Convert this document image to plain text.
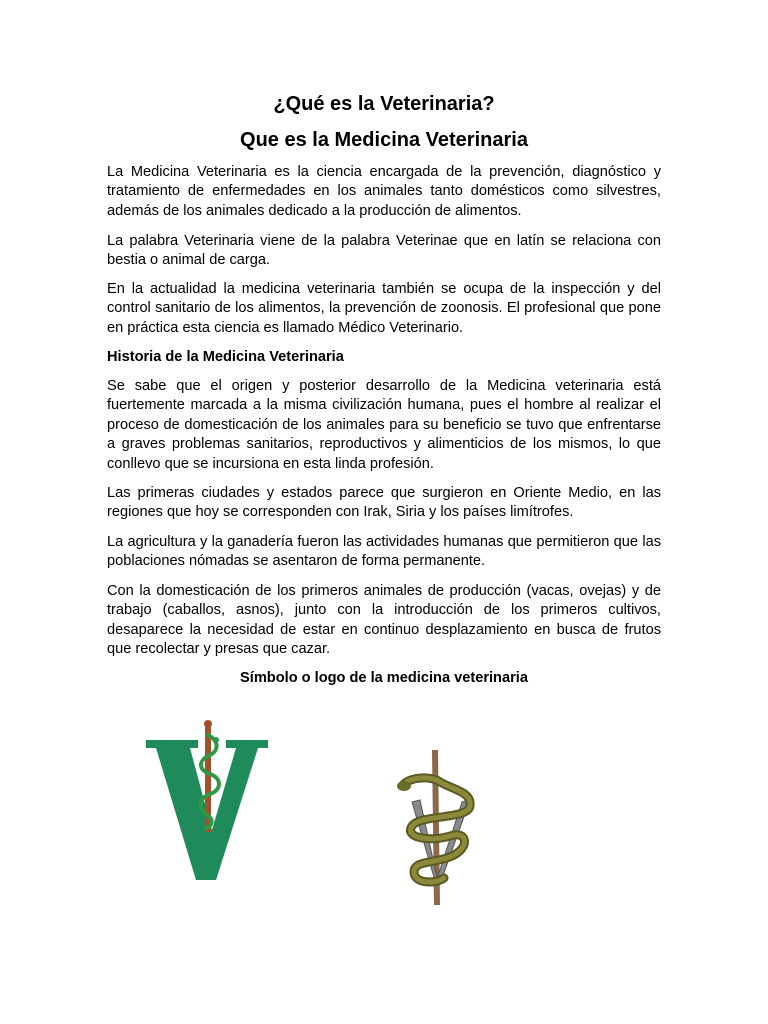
¿Qué es la Veterinaria?
Que es la Medicina Veterinaria

La Medicina Veterinaria es la ciencia encargada de la prevención, diagnóstico y tratamiento de enfermedades en los animales tanto domésticos como silvestres, además de los animales dedicado a la producción de alimentos.

La palabra Veterinaria viene de la palabra Veterinae que en latín se relaciona con bestia o animal de carga.

En la actualidad la medicina veterinaria también se ocupa de la inspección y del control sanitario de los alimentos, la prevención de zoonosis. El profesional que pone en práctica esta ciencia es llamado Médico Veterinario.

Historia de la Medicina Veterinaria

Se sabe que el origen y posterior desarrollo de la Medicina veterinaria está fuertemente marcada a la misma civilización humana, pues el hombre al realizar el proceso de domesticación de los animales para su beneficio se tuvo que enfrentarse a graves problemas sanitarios, reproductivos y alimenticios de los mismos, lo que conllevo que se incursiona en esta linda profesión.

Las primeras ciudades y estados parece que surgieron en Oriente Medio, en las regiones que hoy se corresponden con Irak, Siria y los países limítrofes.

La agricultura y la ganadería fueron las actividades humanas que permitieron que las poblaciones nómadas se asentaron de forma permanente.

Con la domesticación de los primeros animales de producción (vacas, ovejas) y de trabajo (caballos, asnos), junto con la introducción de los primeros cultivos, desaparece la necesidad de estar en continuo desplazamiento en busca de frutos que recolectar y presas que cazar.

Símbolo o logo de la medicina veterinaria
